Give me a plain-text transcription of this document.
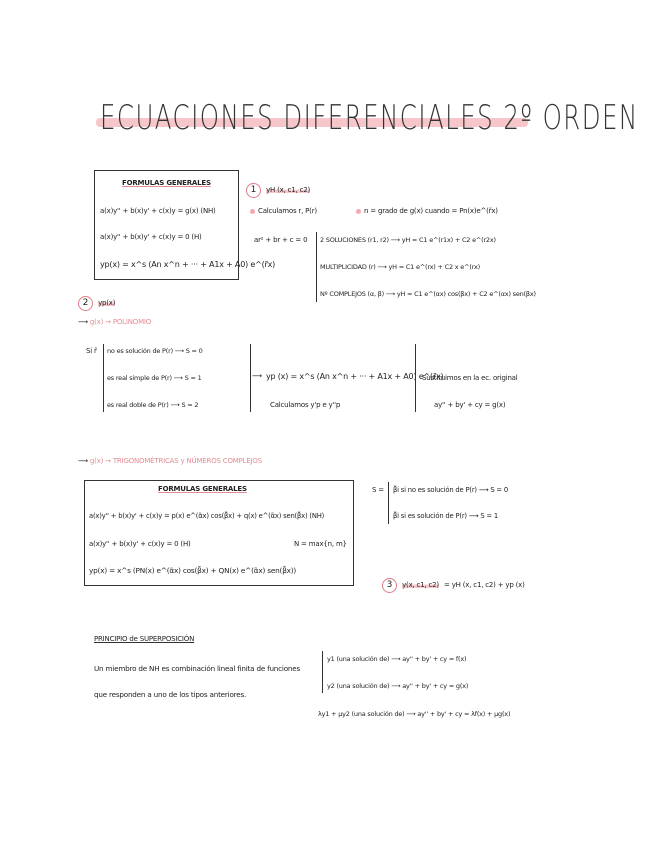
ECUACIONES DIFERENCIALES 2º ORDEN
FORMULAS GENERALES
a(x)y'' + b(x)y' + c(x)y = g(x) (NH)
a(x)y'' + b(x)y' + c(x)y = 0 (H)
yp(x) = x^s (An x^n + ··· + A1x + A0) e^(r̃x)
1 yH (x, c1, c2)
Calculamos r, P(r)	n = grado de g(x) cuando = Pn(x)e^(r̃x)
ar² + br + c = 0 2 SOLUCIONES (r1, r2) ⟶ yH = C1 e^(r1x) + C2 e^(r2x)
MULTIPLICIDAD (r) ⟶ yH = C1 e^(rx) + C2 x e^(rx)
Nº COMPLEJOS (α, β) ⟶ yH = C1 e^(αx) cos(βx) + C2 e^(αx) sen(βx)
2 yp(x)
⟶ g(x) → POLINOMIO
Si r̃ no es solución de P(r) ⟶ S = 0
es real simple de P(r) ⟶ S = 1
es real doble de P(r) ⟶ S = 2
⟶ yp (x) = x^s (An x^n + ··· + A1x + A0) e^(r̃x)
Calculamos y'p e y''p
Sustituimos en la ec. original
ay'' + by' + cy = g(x)
⟶ g(x) → TRIGONOMÉTRICAS y NÚMEROS COMPLEJOS
FORMULAS GENERALES
a(x)y'' + b(x)y' + c(x)y = p(x) e^(α̃x) cos(β̃x) + q(x) e^(α̃x) sen(β̃x) (NH)
a(x)y'' + b(x)y' + c(x)y = 0 (H)	N = max{n, m}
yp(x) = x^s (PN(x) e^(α̃x) cos(β̃x) + QN(x) e^(α̃x) sen(β̃x))
S = β̃i si no es solución de P(r) ⟶ S = 0
β̃i si es solución de P(r) ⟶ S = 1
3 y(x, c1, c2) = yH (x, c1, c2) + yp (x)
PRINCIPIO de SUPERPOSICIÓN
Un miembro de NH es combinación lineal finita de funciones
que responden a uno de los tipos anteriores.
y1 (una solución de) ⟶ ay'' + by' + cy = f(x)
y2 (una solución de) ⟶ ay'' + by' + cy = g(x)
λy1 + μy2 (una solución de) ⟶ ay'' + by' + cy = λf(x) + μg(x)
